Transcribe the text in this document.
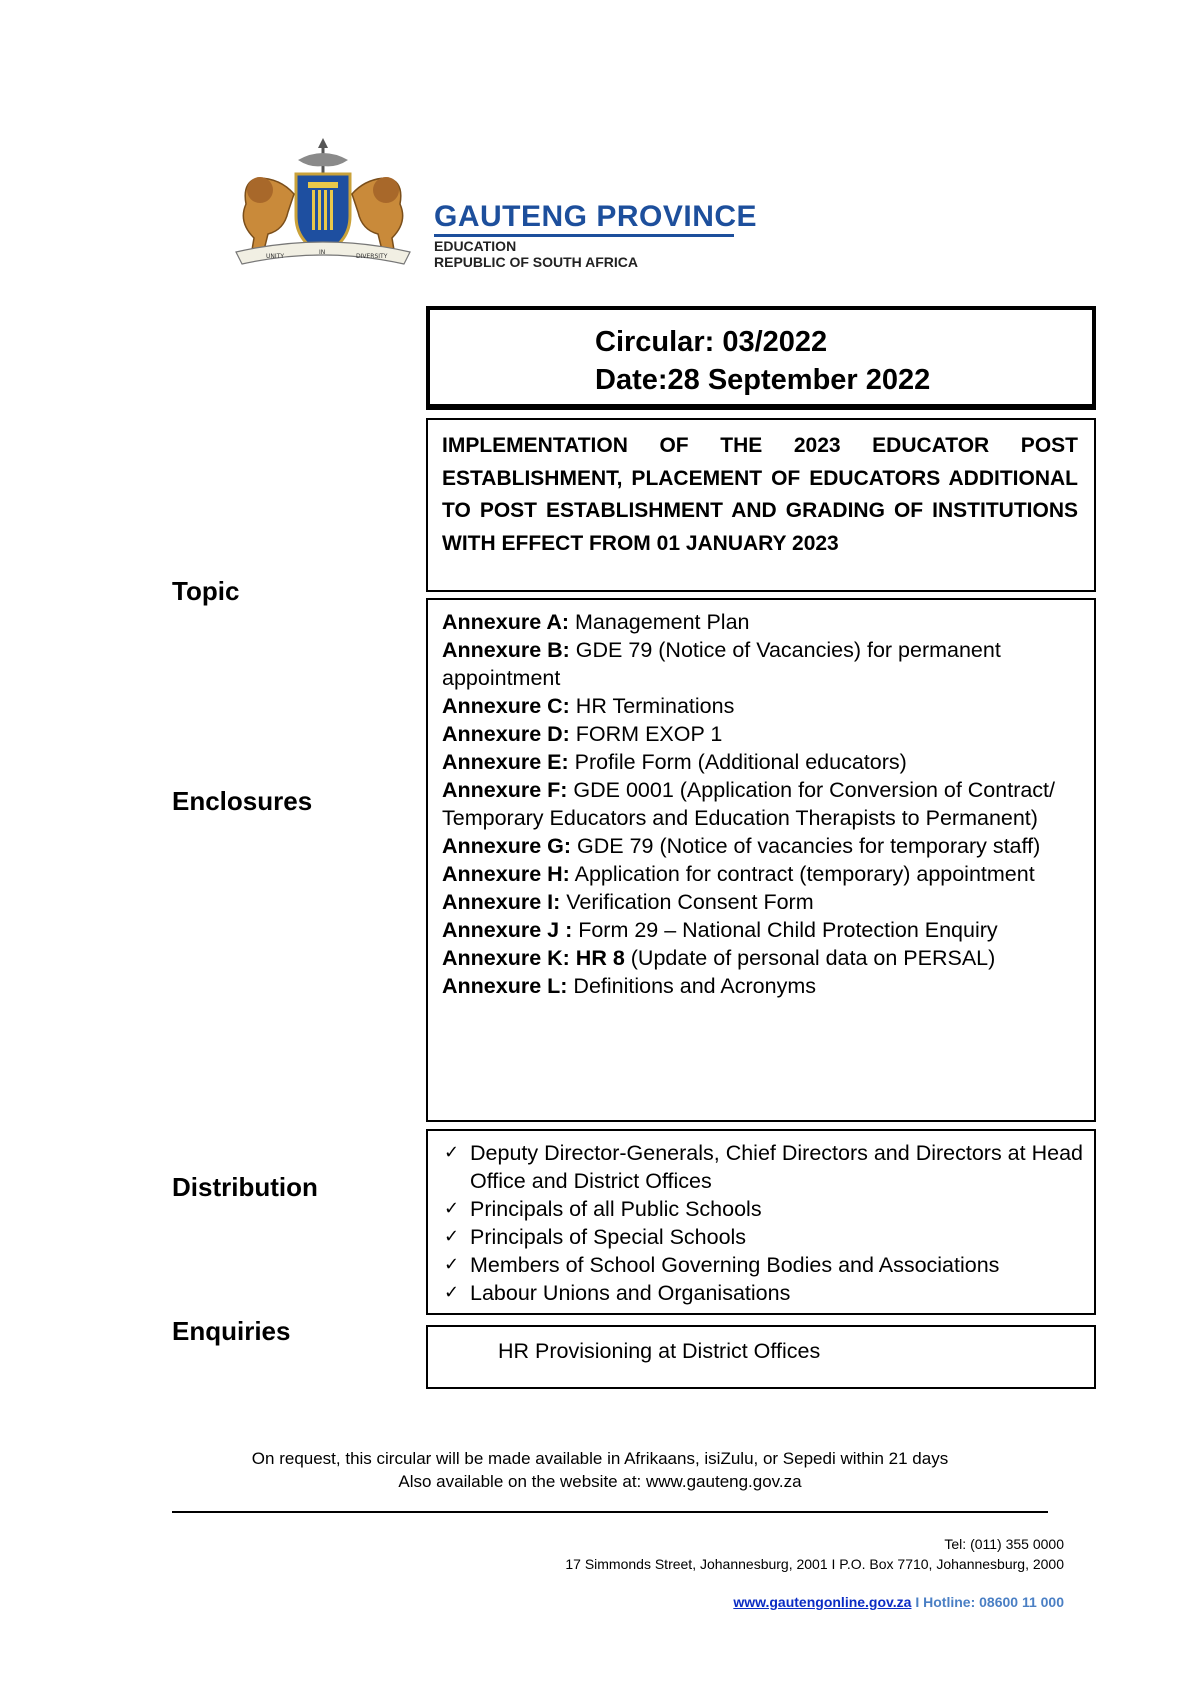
UNITY
IN
DIVERSITY
GAUTENG PROVINCE
EDUCATION
REPUBLIC OF SOUTH AFRICA
Circular: 03/2022
Date:28 September 2022
Topic
Enclosures
Distribution
Enquiries

IMPLEMENTATION OF THE 2023 EDUCATOR POST ESTABLISHMENT, PLACEMENT OF EDUCATORS ADDITIONAL TO POST ESTABLISHMENT AND GRADING OF INSTITUTIONS WITH EFFECT FROM 01 JANUARY 2023

Annexure A: Management Plan

Annexure B: GDE 79 (Notice of Vacancies) for permanent appointment

Annexure C: HR Terminations

Annexure D: FORM EXOP 1

Annexure E: Profile Form (Additional educators)

Annexure F: GDE 0001 (Application for Conversion of Contract/ Temporary Educators and Education Therapists to Permanent)

Annexure G: GDE 79 (Notice of vacancies for temporary staff)

Annexure H: Application for contract (temporary) appointment

Annexure I: Verification Consent Form

Annexure J : Form 29 – National Child Protection Enquiry

Annexure K: HR 8 (Update of personal data on PERSAL)

Annexure L: Definitions and Acronyms

✓ Deputy Director-Generals, Chief Directors and Directors at Head Office and District Offices

✓ Principals of all Public Schools

✓ Principals of Special Schools

✓ Members of School Governing Bodies and Associations

✓ Labour Unions and Organisations

HR Provisioning at District Offices
On request, this circular will be made available in Afrikaans, isiZulu, or Sepedi within 21 days
Also available on the website at: www.gauteng.gov.za
Tel: (011) 355 0000
17 Simmonds Street, Johannesburg, 2001 I P.O. Box 7710, Johannesburg, 2000
www.gautengonline.gov.za I Hotline: 08600 11 000
